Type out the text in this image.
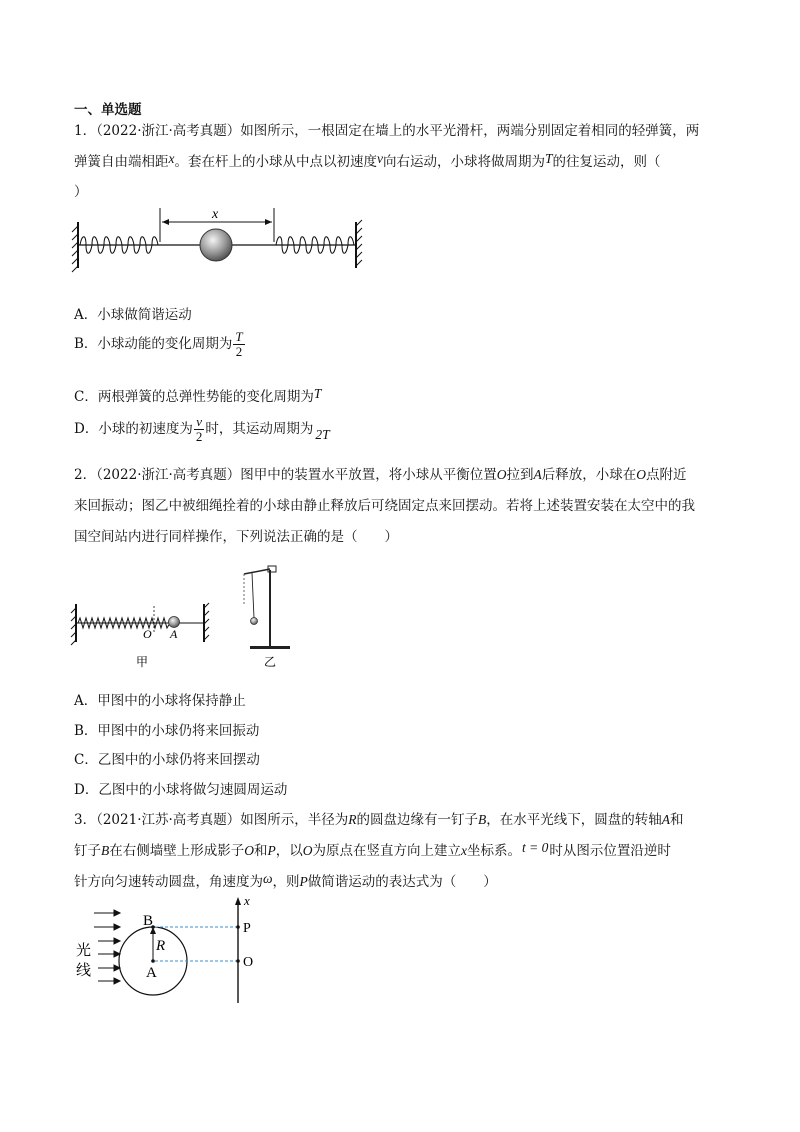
一、单选题
1．（2022·浙江·高考真题）如图所示，一根固定在墙上的水平光滑杆，两端分别固定着相同的轻弹簧，两
弹簧自由端相距x。套在杆上的小球从中点以初速度v向右运动，小球将做周期为T的往复运动，则（
）
x
A．小球做简谐运动
B．小球动能的变化周期为 $\frac{T}{2}$
C．两根弹簧的总弹性势能的变化周期为T
D．小球的初速度为 $\frac{v}{2}$ 时，其运动周期为 2T
2．（2022·浙江·高考真题）图甲中的装置水平放置，将小球从平衡位置O拉到A后释放，小球在O点附近
来回振动；图乙中被细绳拴着的小球由静止释放后可绕固定点来回摆动。若将上述装置安装在太空中的我
国空间站内进行同样操作，下列说法正确的是（　　）
O A
甲	乙
A．甲图中的小球将保持静止
B．甲图中的小球仍将来回振动
C．乙图中的小球仍将来回摆动
D．乙图中的小球将做匀速圆周运动
3．（2021·江苏·高考真题）如图所示，半径为R的圆盘边缘有一钉子B，在水平光线下，圆盘的转轴A和
钉子B在右侧墙壁上形成影子O和P，以O为原点在竖直方向上建立x坐标系。t = 0时从图示位置沿逆时
针方向匀速转动圆盘，角速度为ω，则P做简谐运动的表达式为（　　）
光
线
B
R
A
x
P
O
